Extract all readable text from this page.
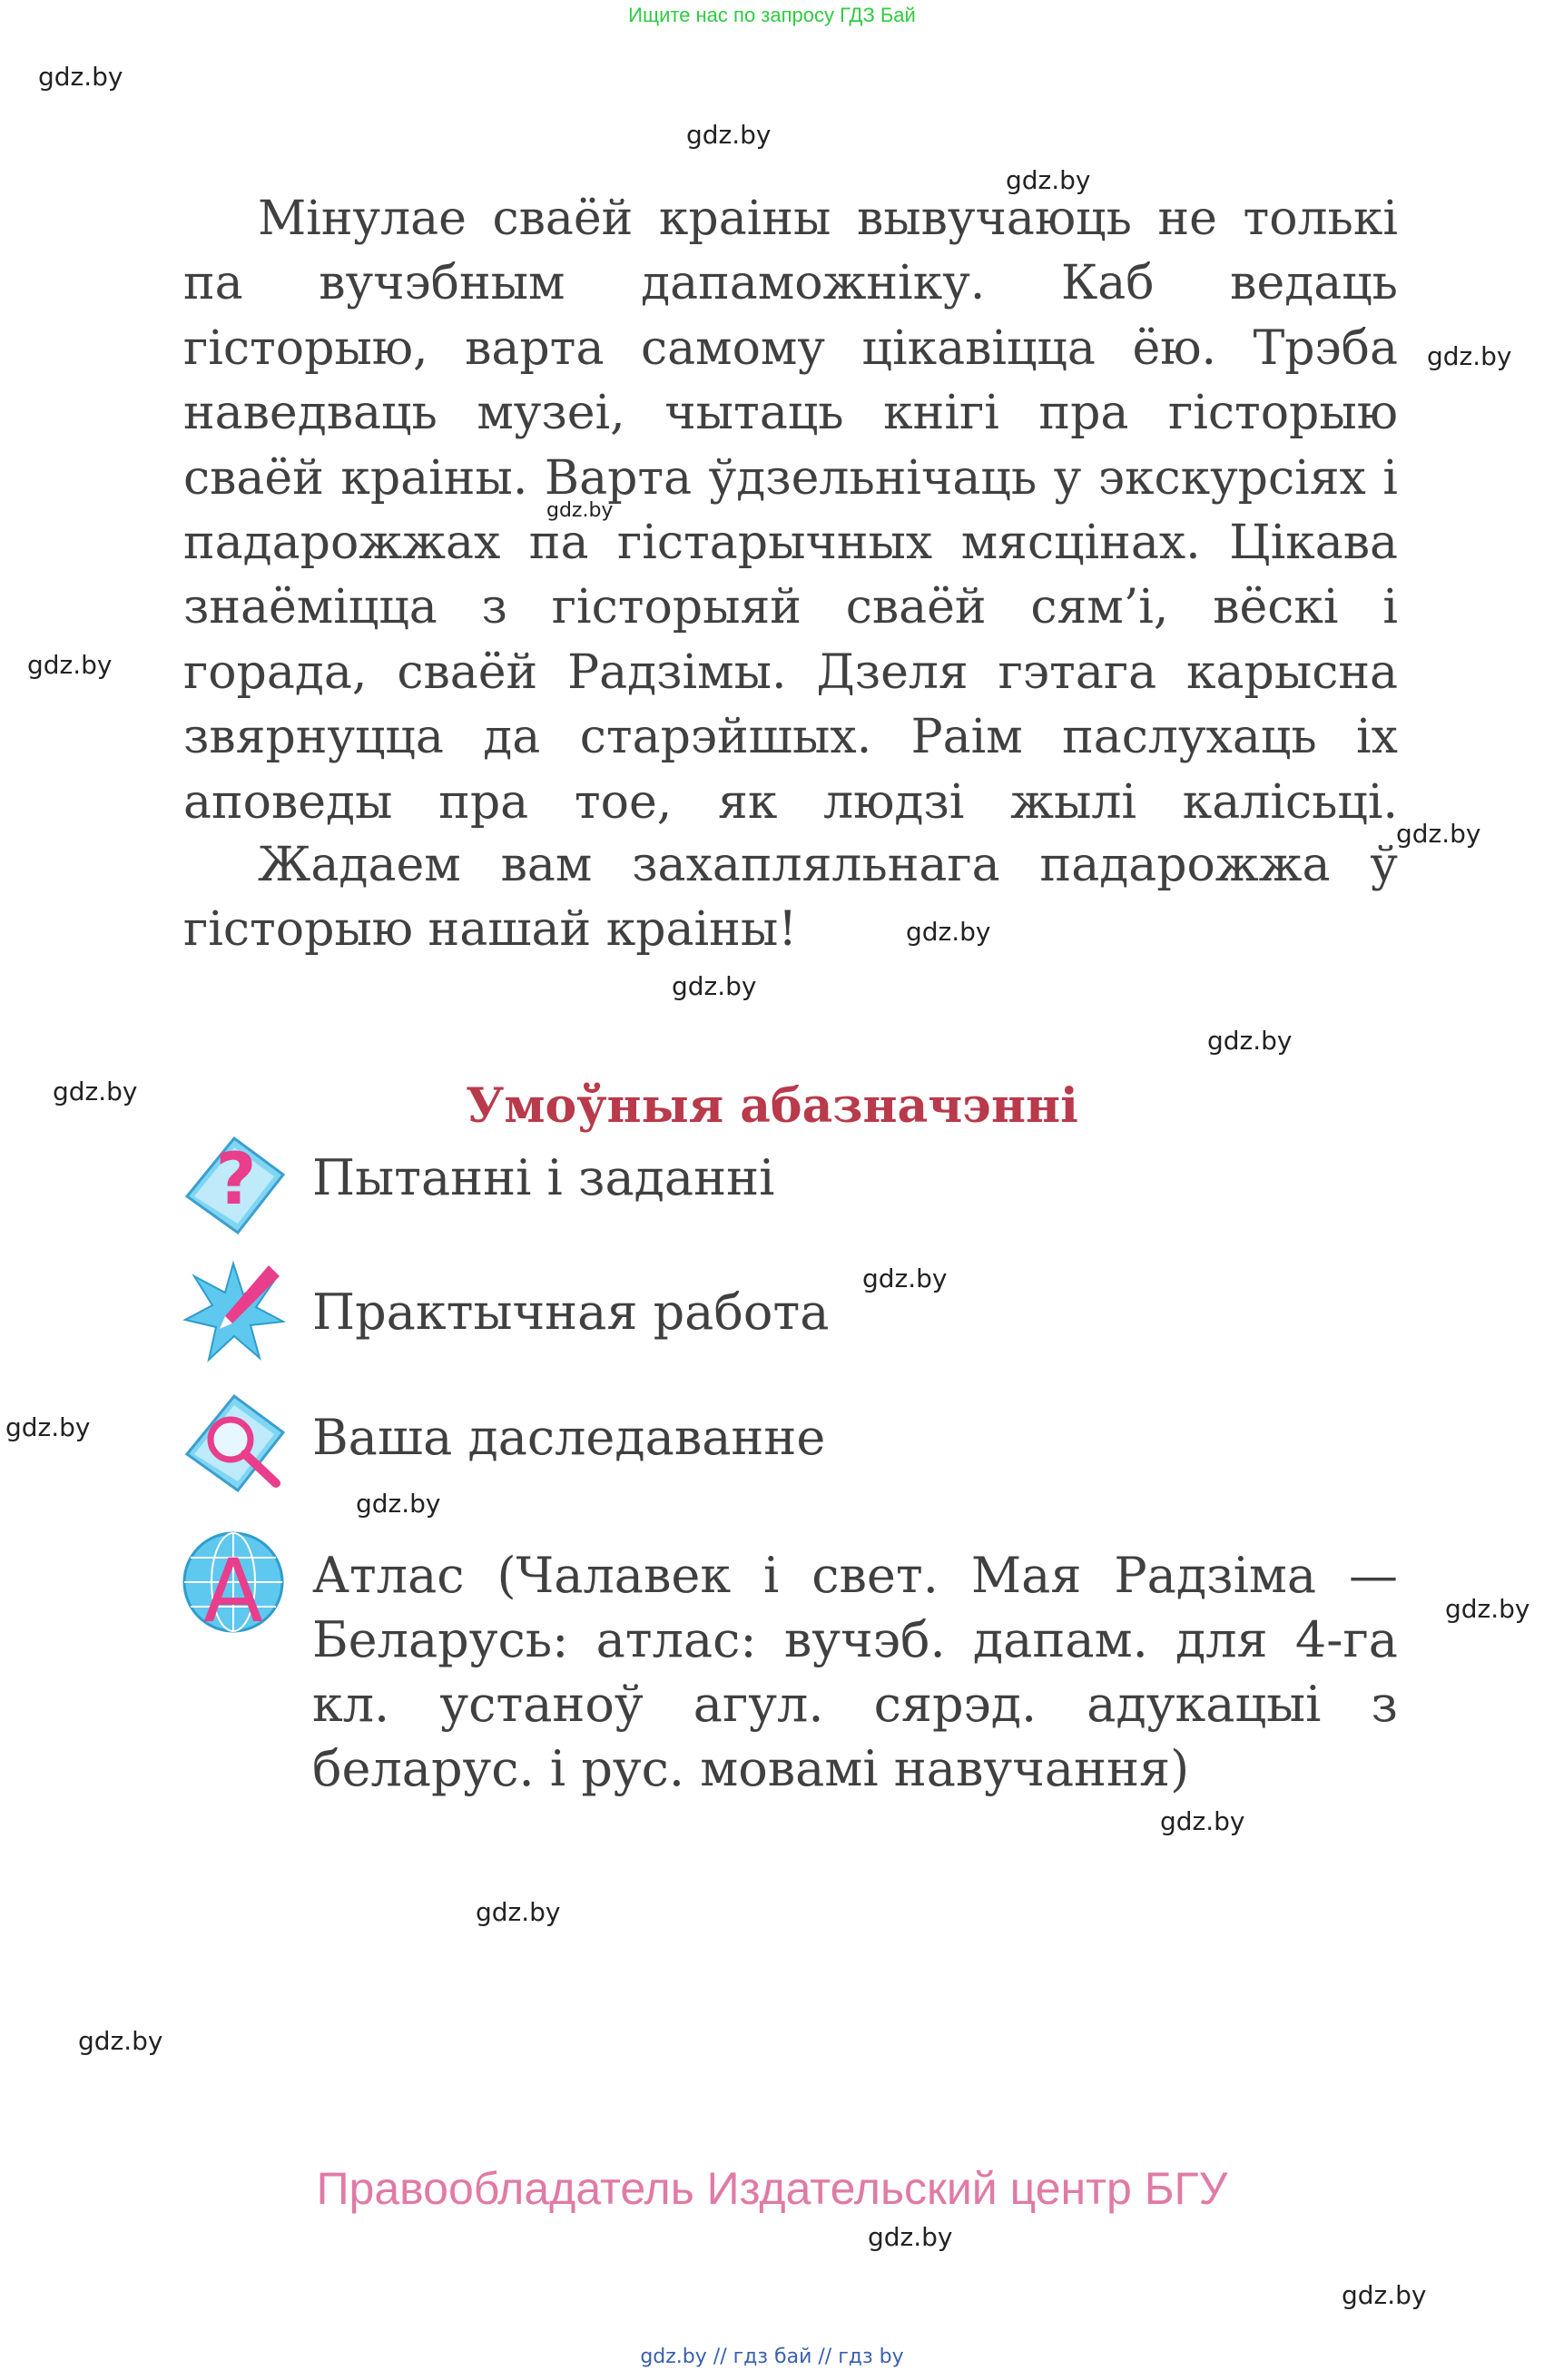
Ищите нас по запросу ГДЗ Бай
gdz.by
gdz.by
gdz.by
gdz.by
gdz.by
gdz.by
gdz.by
gdz.by
gdz.by
gdz.by
gdz.by
gdz.by
gdz.by
gdz.by
gdz.by
gdz.by
gdz.by
gdz.by
gdz.by
gdz.by

Мінулае сваёй краіны вывучаюць не толькі па вучэбным дапаможніку. Каб ведаць гісторыю, варта самому цікавіцца ёю. Трэба наведваць музеі, чытаць кнігі пра гісторыю сваёй краіны. Варта ўдзельнічаць у экскурсіях і падарожжах па гістарычных мясцінах. Цікава знаёміцца з гісторыяй сваёй сям’і, вёскі і горада, сваёй Радзімы. Дзеля гэтага карысна звярнуцца да старэйшых. Раім паслухаць іх аповеды пра тое, як людзі жылі калісьці.

Жадаем вам захапляльнага падарожжа ў гісторыю нашай краіны!

Умоўныя абазначэнні
? Пытанні і заданні
Практычная работа
Ваша даследаванне
A Атлас (Чалавек і свет. Мая Радзіма — Беларусь: атлас: вучэб. дапам. для 4-га кл. устаноў агул. сярэд. адукацыі з беларус. і рус. мовамі навучання)

Правообладатель Издательский центр БГУ
gdz.by // гдз бай // гдз by
